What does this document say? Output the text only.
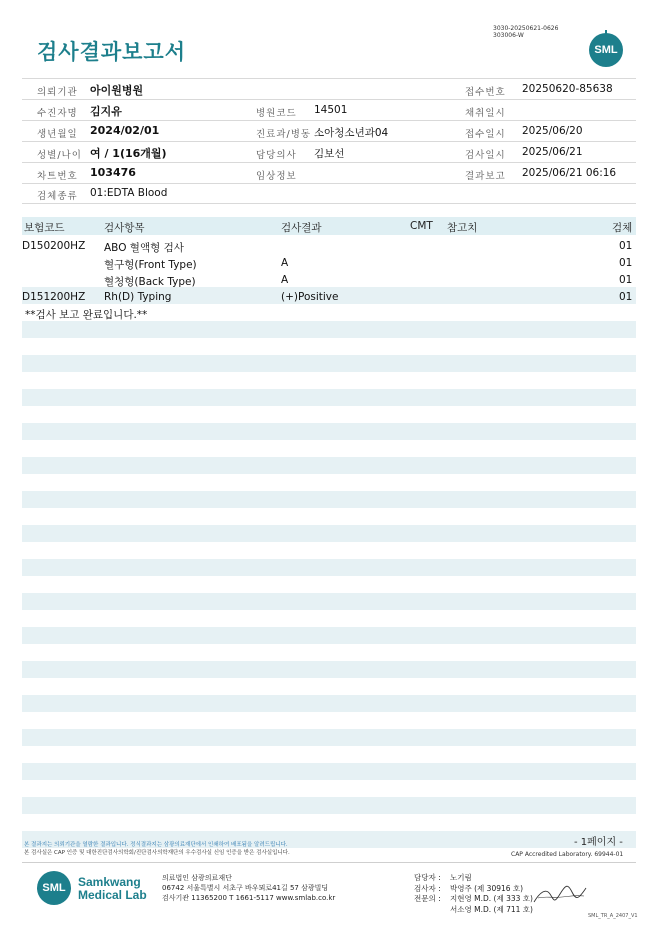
검사결과보고서
3030-20250621-0626
303006-W
SML
의뢰기관 아이원병원	접수번호 20250620-85638
수진자명 김지유	병원코드 14501	채취일시
생년월일 2024/02/01	진료과/병동 소아청소년과04	접수일시 2025/06/20
성별/나이 여 / 1(16개월)	담당의사 김보선	검사일시 2025/06/21
차트번호 103476	임상정보	결과보고 2025/06/21 06:16
검체종류 01:EDTA Blood
보험코드	검사항목	검사결과	CMT 참고치	검체
D150200HZ ABO 혈액형 검사	01
혈구형(Front Type)	A	01
혈청형(Back Type)	A	01
D151200HZ Rh(D) Typing	(+)Positive	01
**검사 보고 완료입니다.**
본 결과지는 의뢰기관을 열람한 결과입니다. 정식결과지는 삼광의료재단에서 인쇄하여 배포됨을 알려드립니다.
본 검사실은 CAP 인증 및 대한진단검사의학회/진단검사의학재단의 우수검사실 신임 인증을 받은 검사실입니다.
- 1페이지 -
CAP Accredited Laboratory. 69944-01
SML	Samkwang
Medical Lab
의료법인 삼광의료재단
06742 서울특별시 서초구 바우뫼로41길 57 삼광빌딩
검사기관 11365200 T 1661-5117 www.smlab.co.kr
담당자 : 노기림
검사자 : 박영주 (제 30916 호)
전문의 : 지현영 M.D. (제 333 호)
서소영 M.D. (제 711 호)
SML_TR_A_2407_V1
